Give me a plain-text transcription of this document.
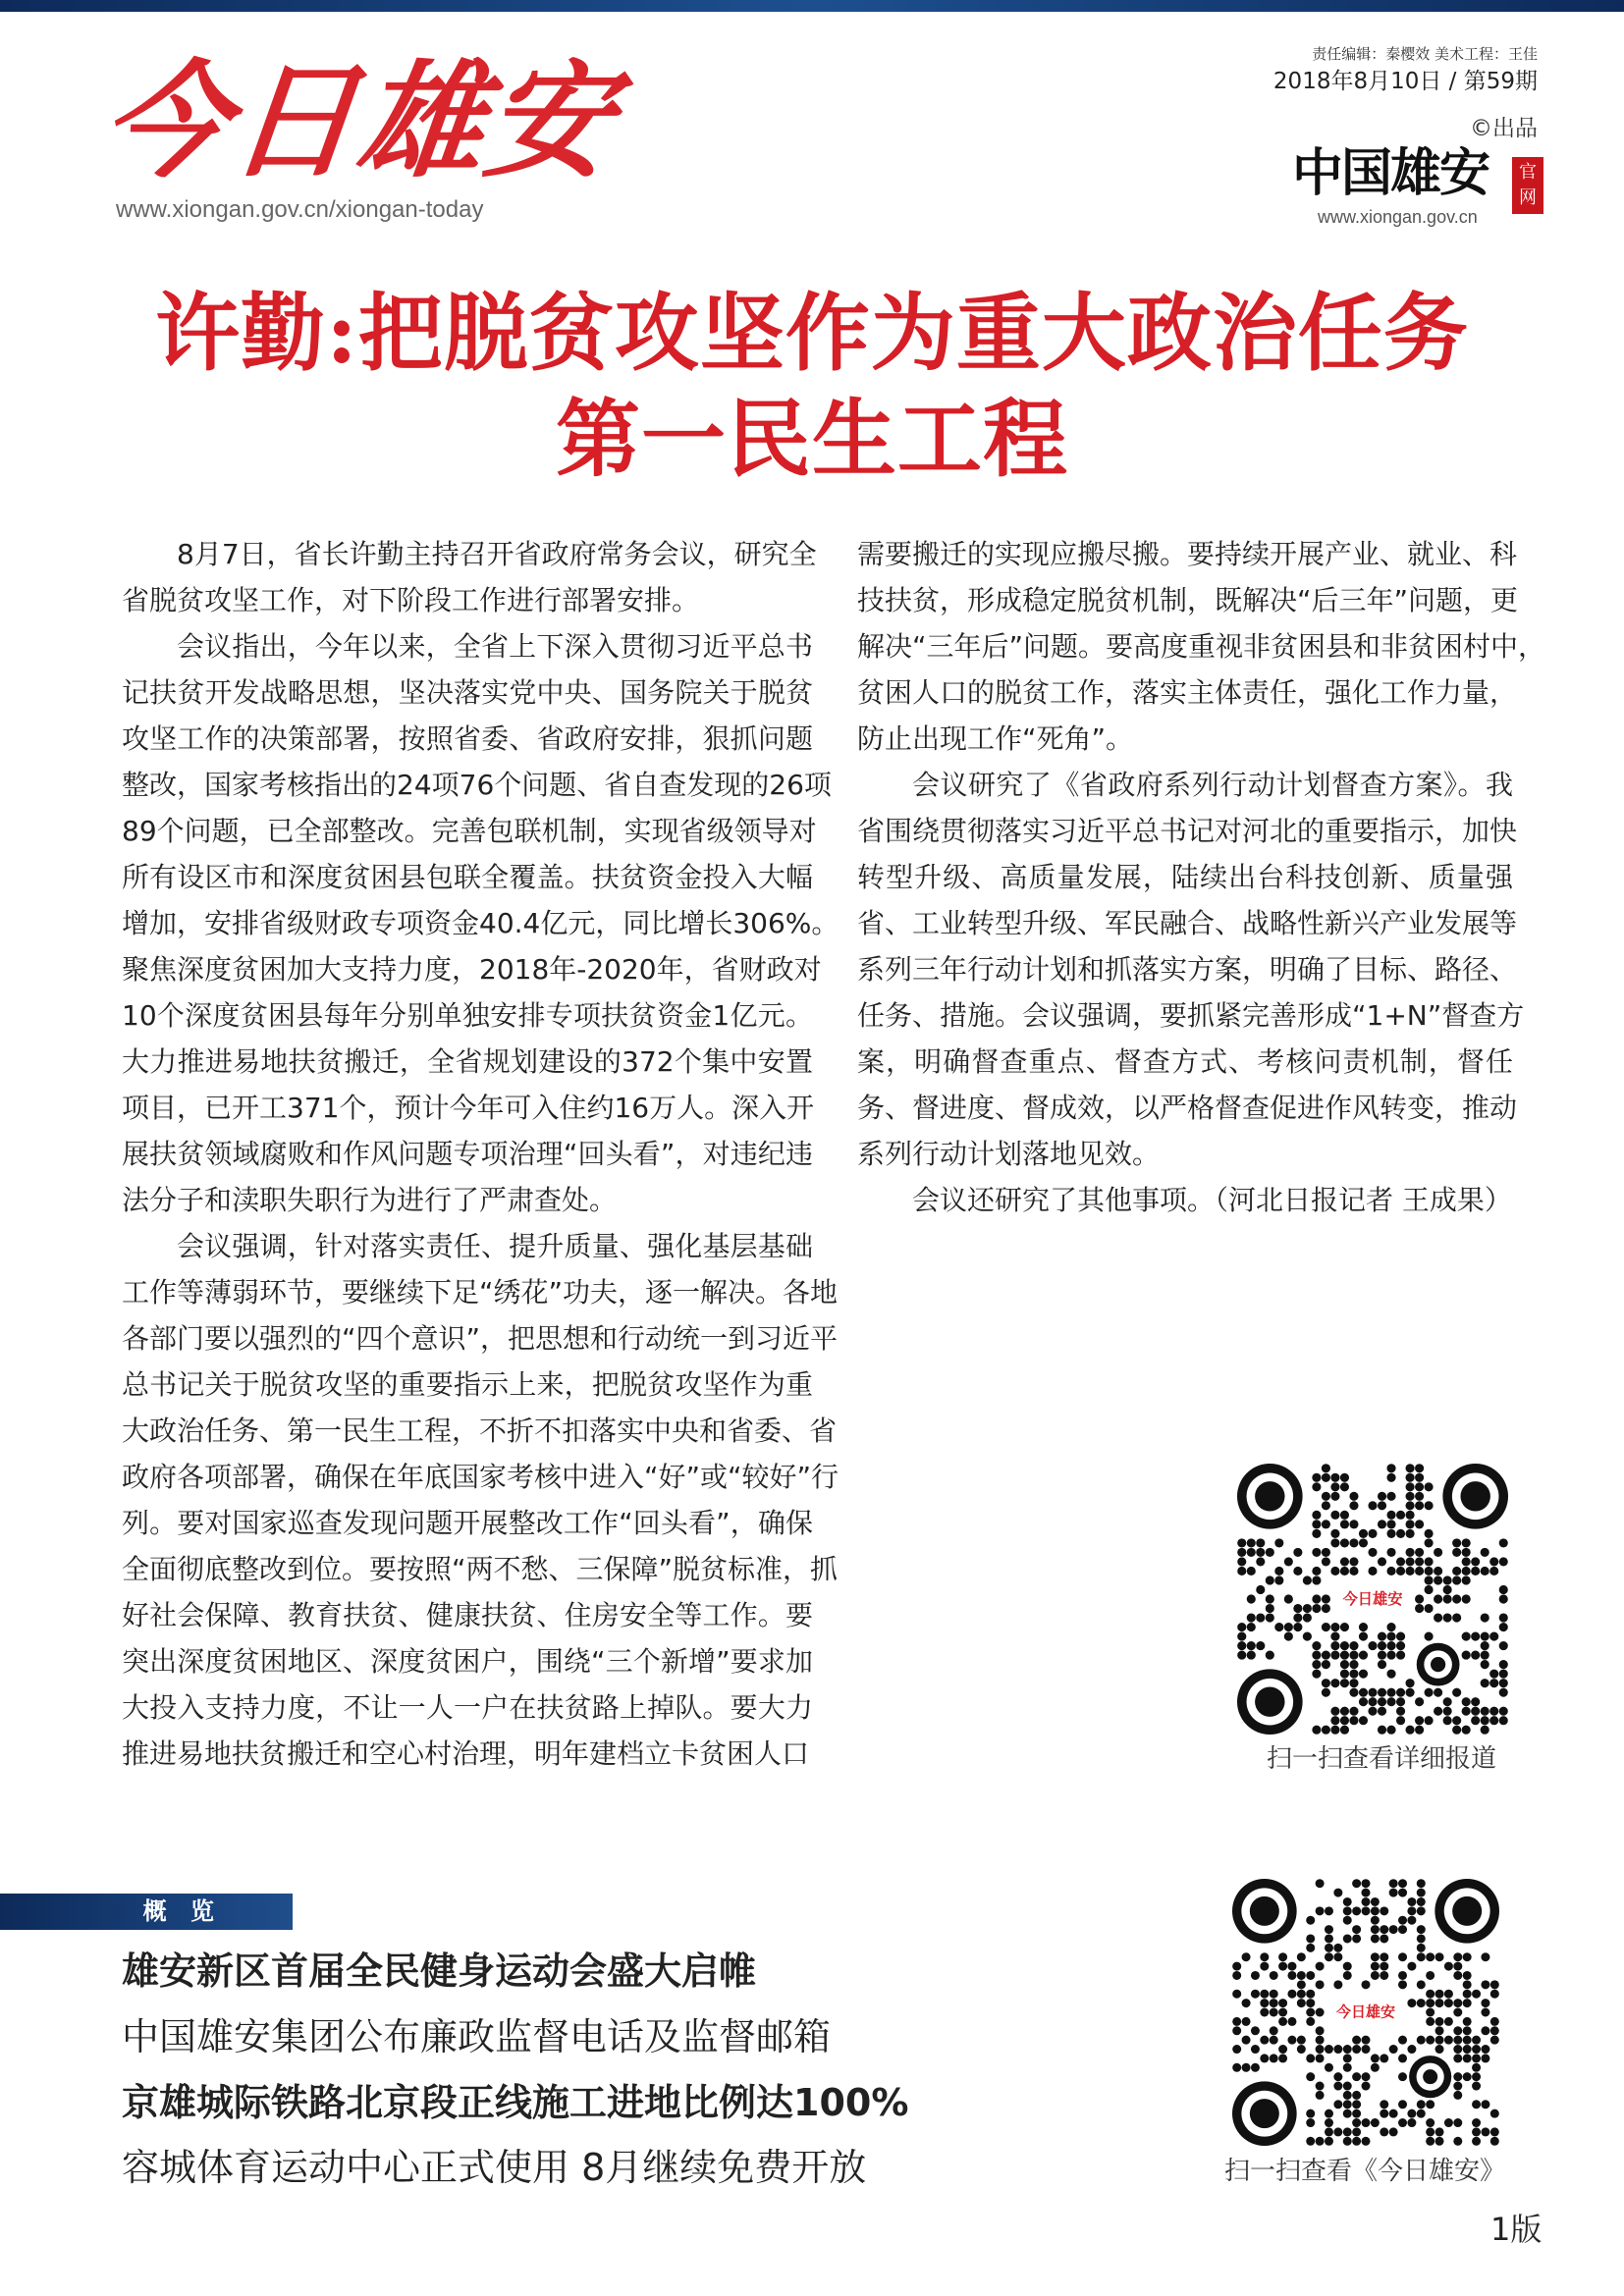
今日雄安
www.xiongan.gov.cn/xiongan-today
责任编辑：秦樱效 美术工程：王佳
2018年8月10日 / 第59期
©出品
中国雄安	官网
www.xiongan.gov.cn
许勤:把脱贫攻坚作为重大政治任务
第一民生工程
8月7日，省长许勤主持召开省政府常务会议，研究全
省脱贫攻坚工作，对下阶段工作进行部署安排。
会议指出，今年以来，全省上下深入贯彻习近平总书
记扶贫开发战略思想，坚决落实党中央、国务院关于脱贫
攻坚工作的决策部署，按照省委、省政府安排，狠抓问题
整改，国家考核指出的24项76个问题、省自查发现的26项
89个问题，已全部整改。完善包联机制，实现省级领导对
所有设区市和深度贫困县包联全覆盖。扶贫资金投入大幅
增加，安排省级财政专项资金40.4亿元，同比增长306%。
聚焦深度贫困加大支持力度，2018年-2020年，省财政对
10个深度贫困县每年分别单独安排专项扶贫资金1亿元。
大力推进易地扶贫搬迁，全省规划建设的372个集中安置
项目，已开工371个，预计今年可入住约16万人。深入开
展扶贫领域腐败和作风问题专项治理“回头看”，对违纪违
法分子和渎职失职行为进行了严肃查处。
会议强调，针对落实责任、提升质量、强化基层基础
工作等薄弱环节，要继续下足“绣花”功夫，逐一解决。各地
各部门要以强烈的“四个意识”，把思想和行动统一到习近平
总书记关于脱贫攻坚的重要指示上来，把脱贫攻坚作为重
大政治任务、第一民生工程，不折不扣落实中央和省委、省
政府各项部署，确保在年底国家考核中进入“好”或“较好”行
列。要对国家巡查发现问题开展整改工作“回头看”，确保
全面彻底整改到位。要按照“两不愁、三保障”脱贫标准，抓
好社会保障、教育扶贫、健康扶贫、住房安全等工作。要
突出深度贫困地区、深度贫困户，围绕“三个新增”要求加
大投入支持力度，不让一人一户在扶贫路上掉队。要大力
推进易地扶贫搬迁和空心村治理，明年建档立卡贫困人口
需要搬迁的实现应搬尽搬。要持续开展产业、就业、科
技扶贫，形成稳定脱贫机制，既解决“后三年”问题，更
解决“三年后”问题。要高度重视非贫困县和非贫困村中，
贫困人口的脱贫工作，落实主体责任，强化工作力量，
防止出现工作“死角”。
会议研究了《省政府系列行动计划督查方案》。我
省围绕贯彻落实习近平总书记对河北的重要指示，加快
转型升级、高质量发展，陆续出台科技创新、质量强
省、工业转型升级、军民融合、战略性新兴产业发展等
系列三年行动计划和抓落实方案，明确了目标、路径、
任务、措施。会议强调，要抓紧完善形成“1+N”督查方
案，明确督查重点、督查方式、考核问责机制，督任
务、督进度、督成效，以严格督查促进作风转变，推动
系列行动计划落地见效。
会议还研究了其他事项。（河北日报记者 王成果）
今日雄安
扫一扫查看详细报道
今日雄安
扫一扫查看《今日雄安》
概 览
雄安新区首届全民健身运动会盛大启帷
中国雄安集团公布廉政监督电话及监督邮箱
京雄城际铁路北京段正线施工进地比例达100%
容城体育运动中心正式使用 8月继续免费开放
1版
